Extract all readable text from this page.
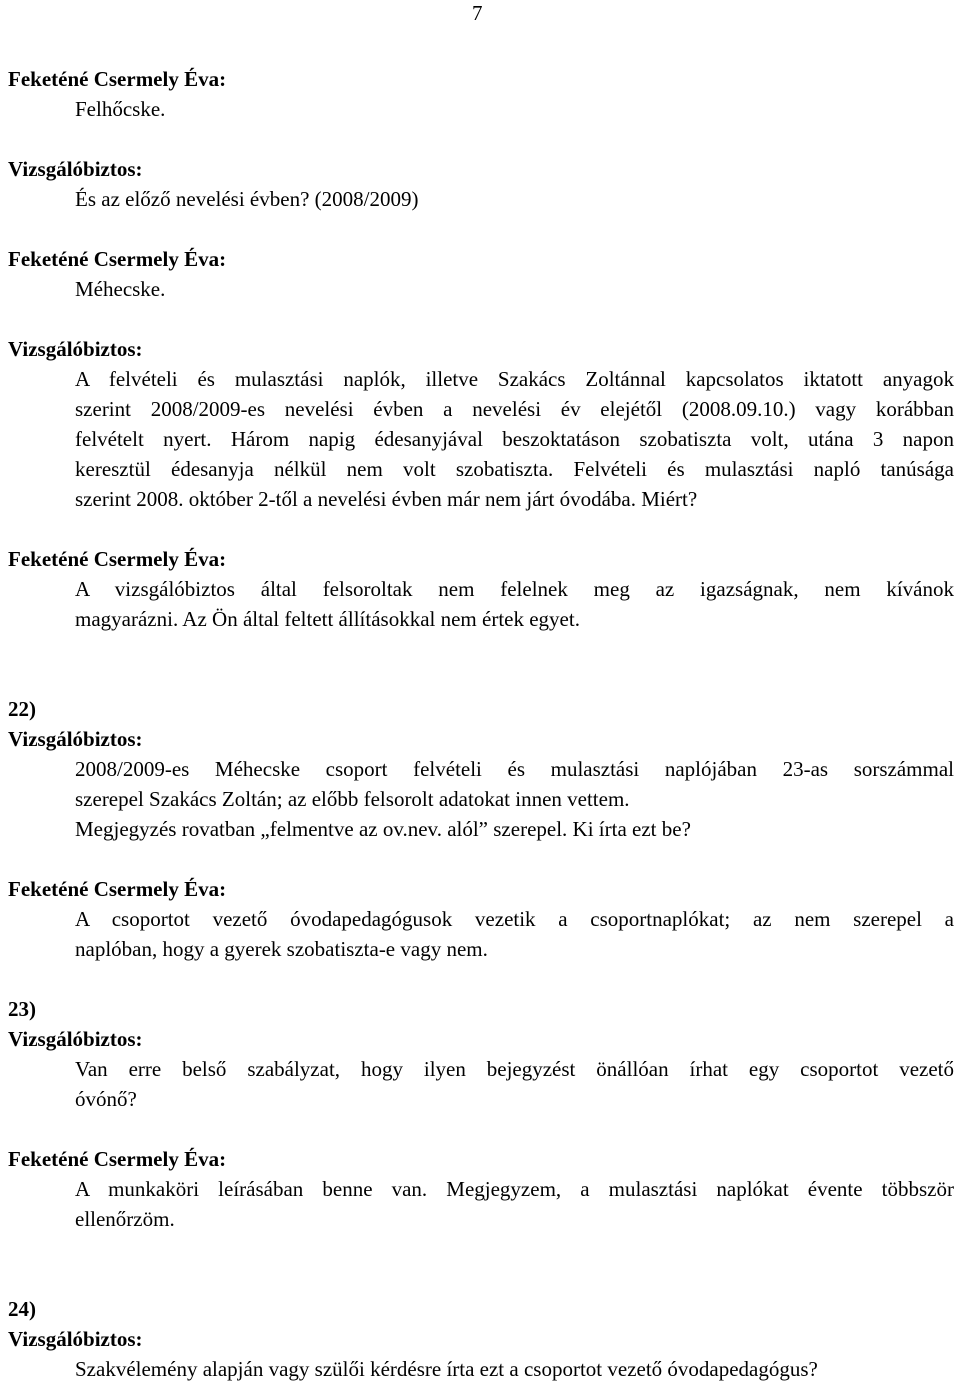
7
Feketéné Csermely Éva:
Felhőcske.
Vizsgálóbiztos:
És az előző nevelési évben? (2008/2009)
Feketéné Csermely Éva:
Méhecske.
Vizsgálóbiztos:
A felvételi és mulasztási naplók, illetve Szakács Zoltánnal kapcsolatos iktatott anyagok
szerint 2008/2009-es nevelési évben a nevelési év elejétől (2008.09.10.) vagy korábban
felvételt nyert. Három napig édesanyjával beszoktatáson szobatiszta volt, utána 3 napon
keresztül édesanyja nélkül nem volt szobatiszta. Felvételi és mulasztási napló tanúsága
szerint 2008. október 2-től a nevelési évben már nem járt óvodába. Miért?
Feketéné Csermely Éva:
A vizsgálóbiztos által felsoroltak nem felelnek meg az igazságnak, nem kívánok
magyarázni. Az Ön által feltett állításokkal nem értek egyet.
22)
Vizsgálóbiztos:
2008/2009-es Méhecske csoport felvételi és mulasztási naplójában 23-as sorszámmal
szerepel Szakács Zoltán; az előbb felsorolt adatokat innen vettem.
Megjegyzés rovatban „felmentve az ov.nev. alól” szerepel. Ki írta ezt be?
Feketéné Csermely Éva:
A csoportot vezető óvodapedagógusok vezetik a csoportnaplókat; az nem szerepel a
naplóban, hogy a gyerek szobatiszta-e vagy nem.
23)
Vizsgálóbiztos:
Van erre belső szabályzat, hogy ilyen bejegyzést önállóan írhat egy csoportot vezető
óvónő?
Feketéné Csermely Éva:
A munkaköri leírásában benne van. Megjegyzem, a mulasztási naplókat évente többször
ellenőrzöm.
24)
Vizsgálóbiztos:
Szakvélemény alapján vagy szülői kérdésre írta ezt a csoportot vezető óvodapedagógus?
